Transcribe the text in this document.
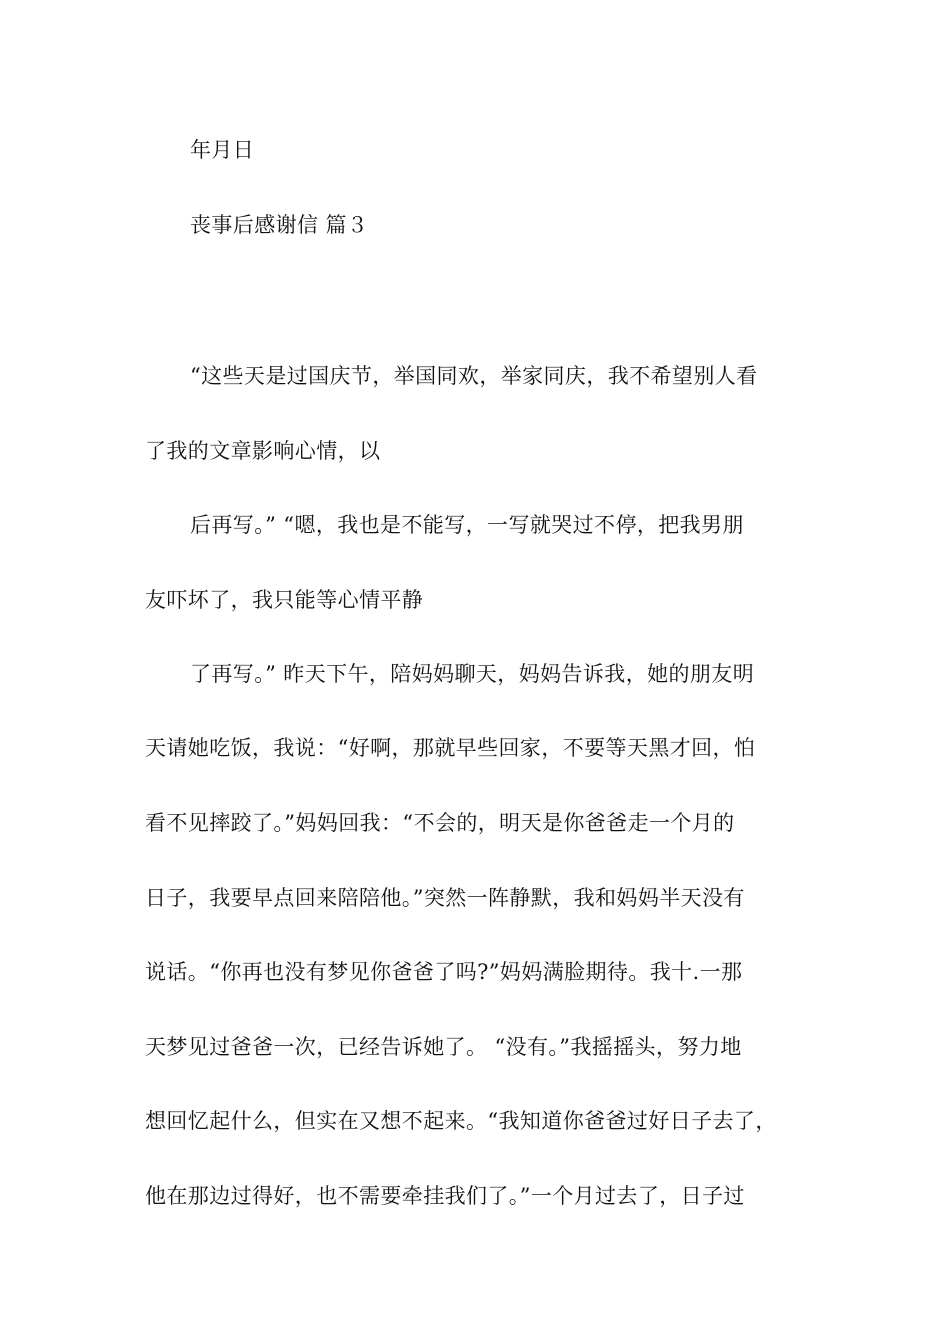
年月日
丧事后感谢信 篇３
“这些天是过国庆节，举国同欢，举家同庆，我不希望别人看
了我的文章影响心情，以
后再写。” “嗯，我也是不能写，一写就哭过不停，把我男朋
友吓坏了，我只能等心情平静
了再写。” 昨天下午，陪妈妈聊天，妈妈告诉我，她的朋友明
天请她吃饭，我说：“好啊，那就早些回家，不要等天黑才回，怕
看不见摔跤了。”妈妈回我：“不会的，明天是你爸爸走一个月的
日子，我要早点回来陪陪他。”突然一阵静默，我和妈妈半天没有
说话。“你再也没有梦见你爸爸了吗?”妈妈满脸期待。我十.一那
天梦见过爸爸一次，已经告诉她了。 “没有。”我摇摇头，努力地
想回忆起什么，但实在又想不起来。“我知道你爸爸过好日子去了，
他在那边过得好，也不需要牵挂我们了。”一个月过去了，日子过
